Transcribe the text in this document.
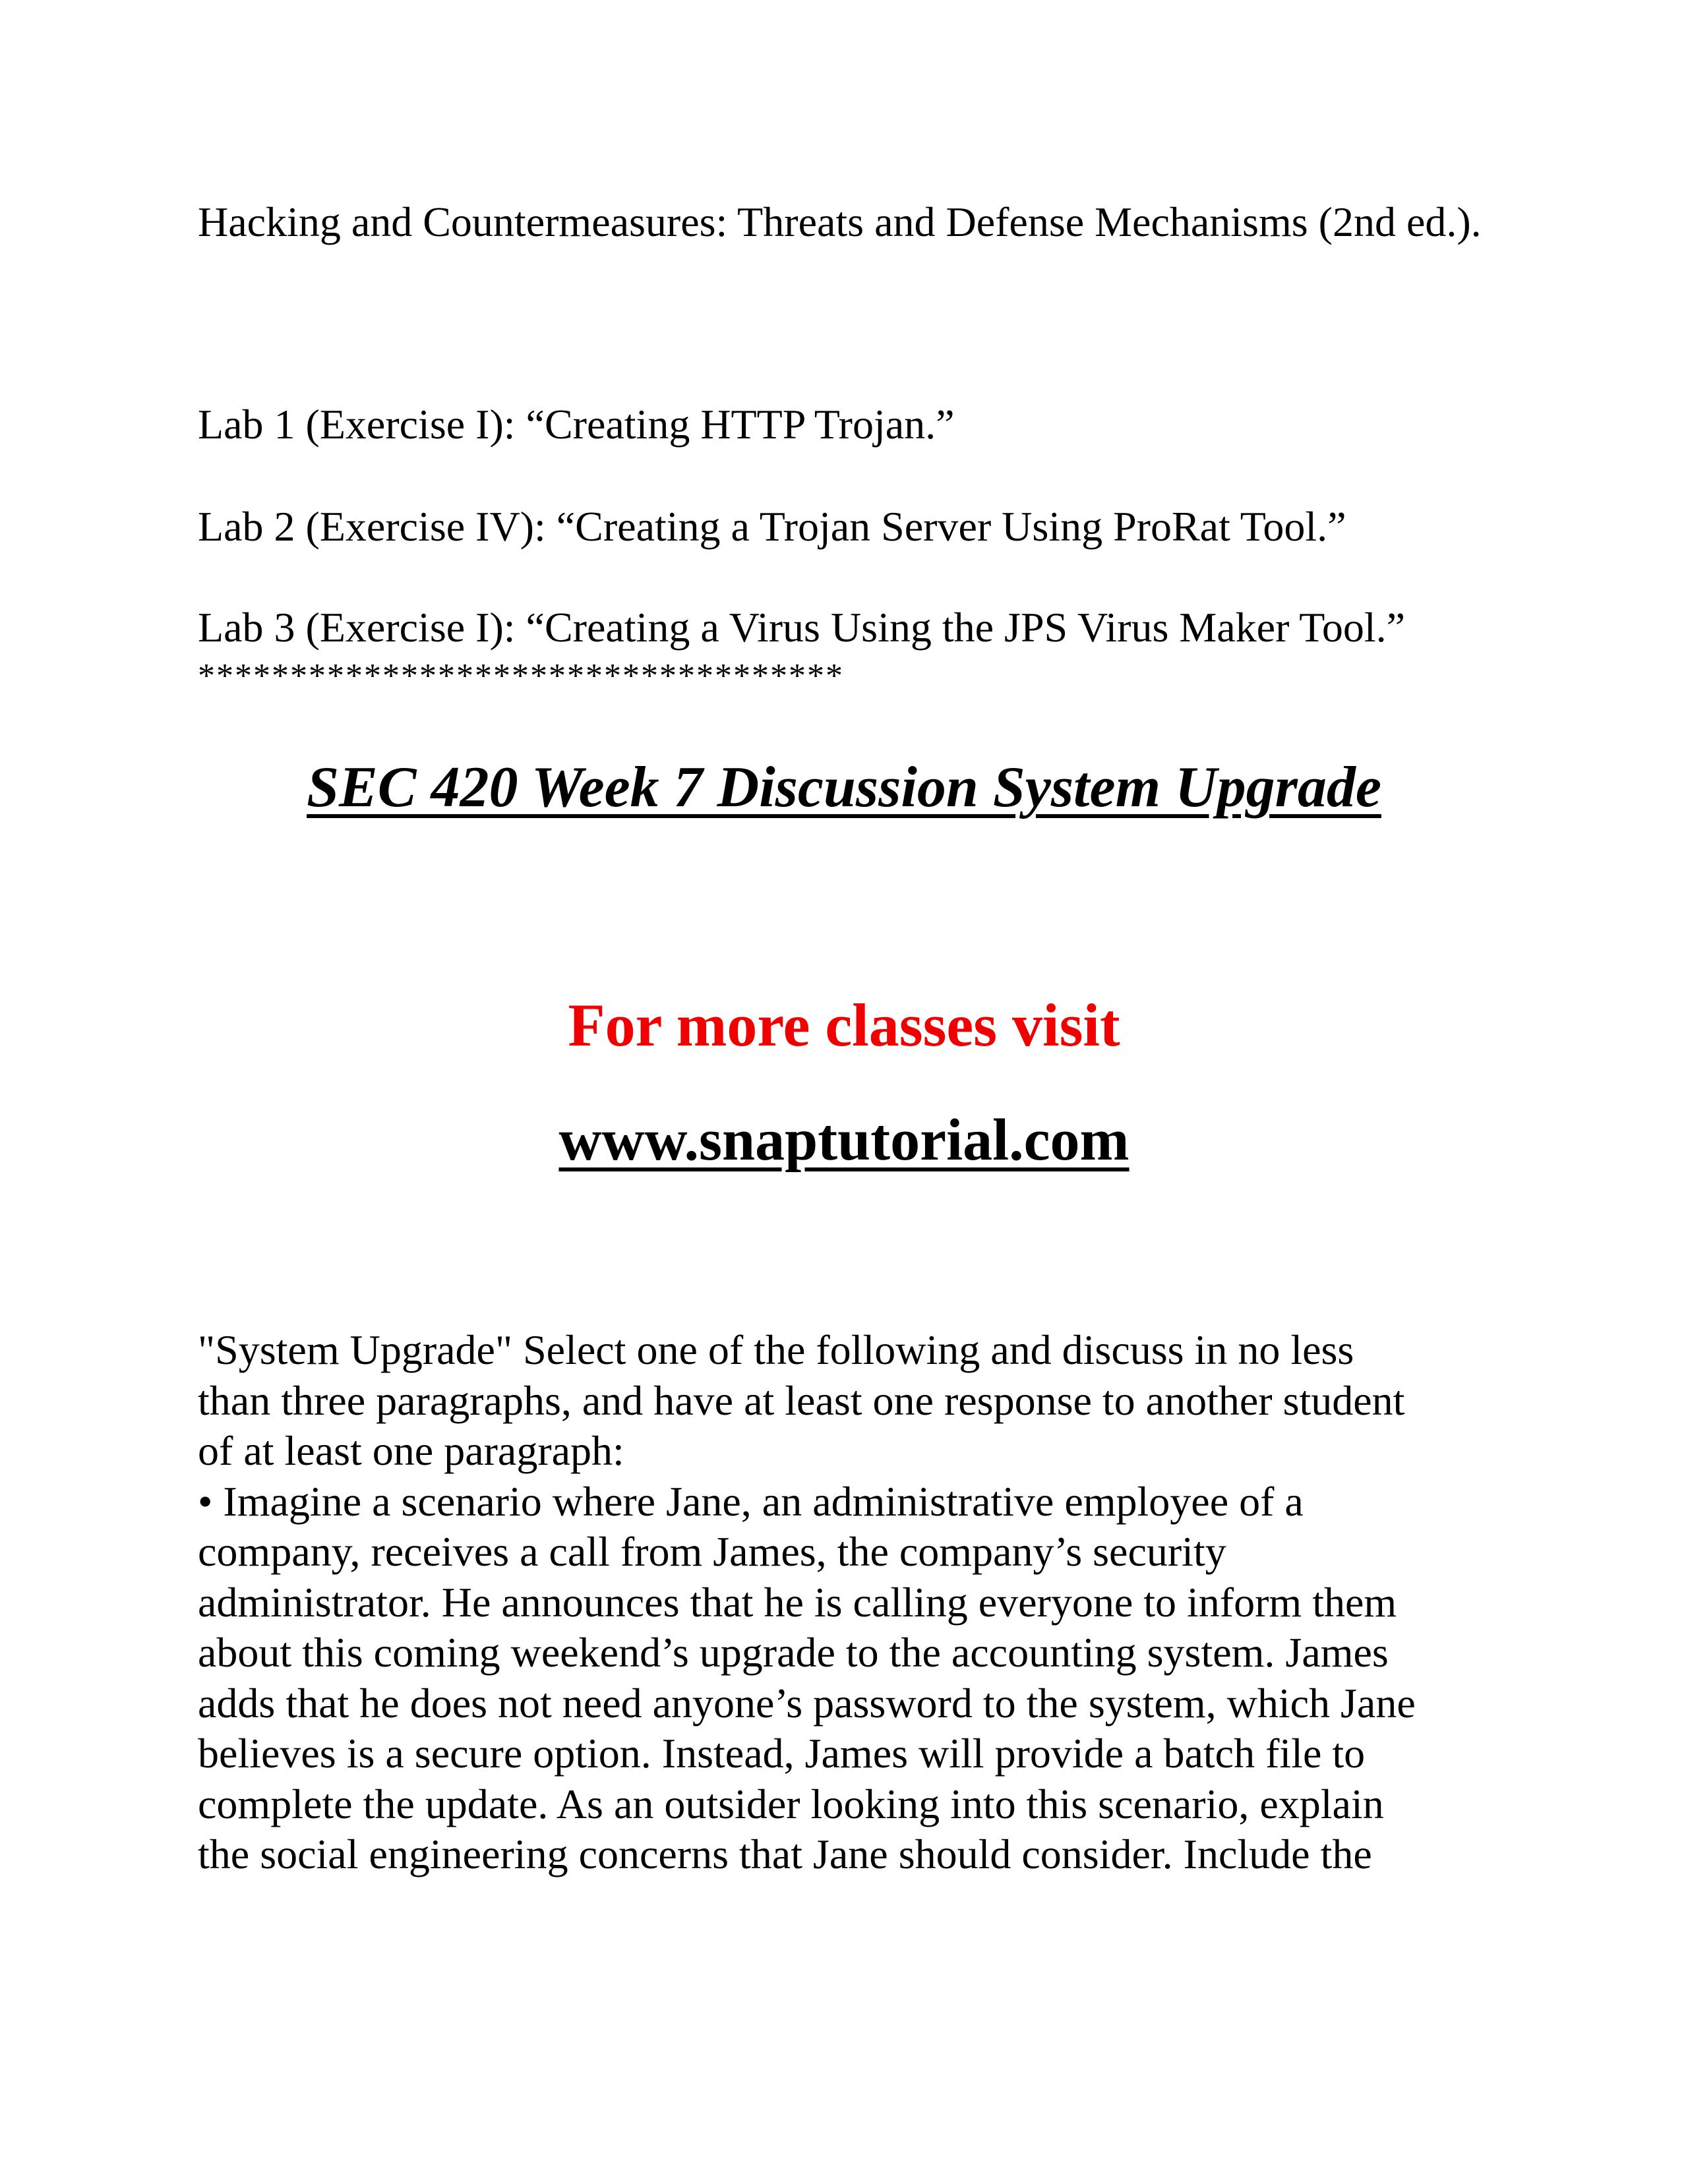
Hacking and Countermeasures: Threats and Defense Mechanisms (2nd ed.).

Lab 1 (Exercise I): “Creating HTTP Trojan.”

Lab 2 (Exercise IV): “Creating a Trojan Server Using ProRat Tool.”

Lab 3 (Exercise I): “Creating a Virus Using the JPS Virus Maker Tool.”

***********************************

SEC 420 Week 7 Discussion System Upgrade

For more classes visit

www.snaptutorial.com

"System Upgrade" Select one of the following and discuss in no less
than three paragraphs, and have at least one response to another student
of at least one paragraph:
• Imagine a scenario where Jane, an administrative employee of a
company, receives a call from James, the company’s security
administrator. He announces that he is calling everyone to inform them
about this coming weekend’s upgrade to the accounting system. James
adds that he does not need anyone’s password to the system, which Jane
believes is a secure option. Instead, James will provide a batch file to
complete the update. As an outsider looking into this scenario, explain
the social engineering concerns that Jane should consider. Include the
